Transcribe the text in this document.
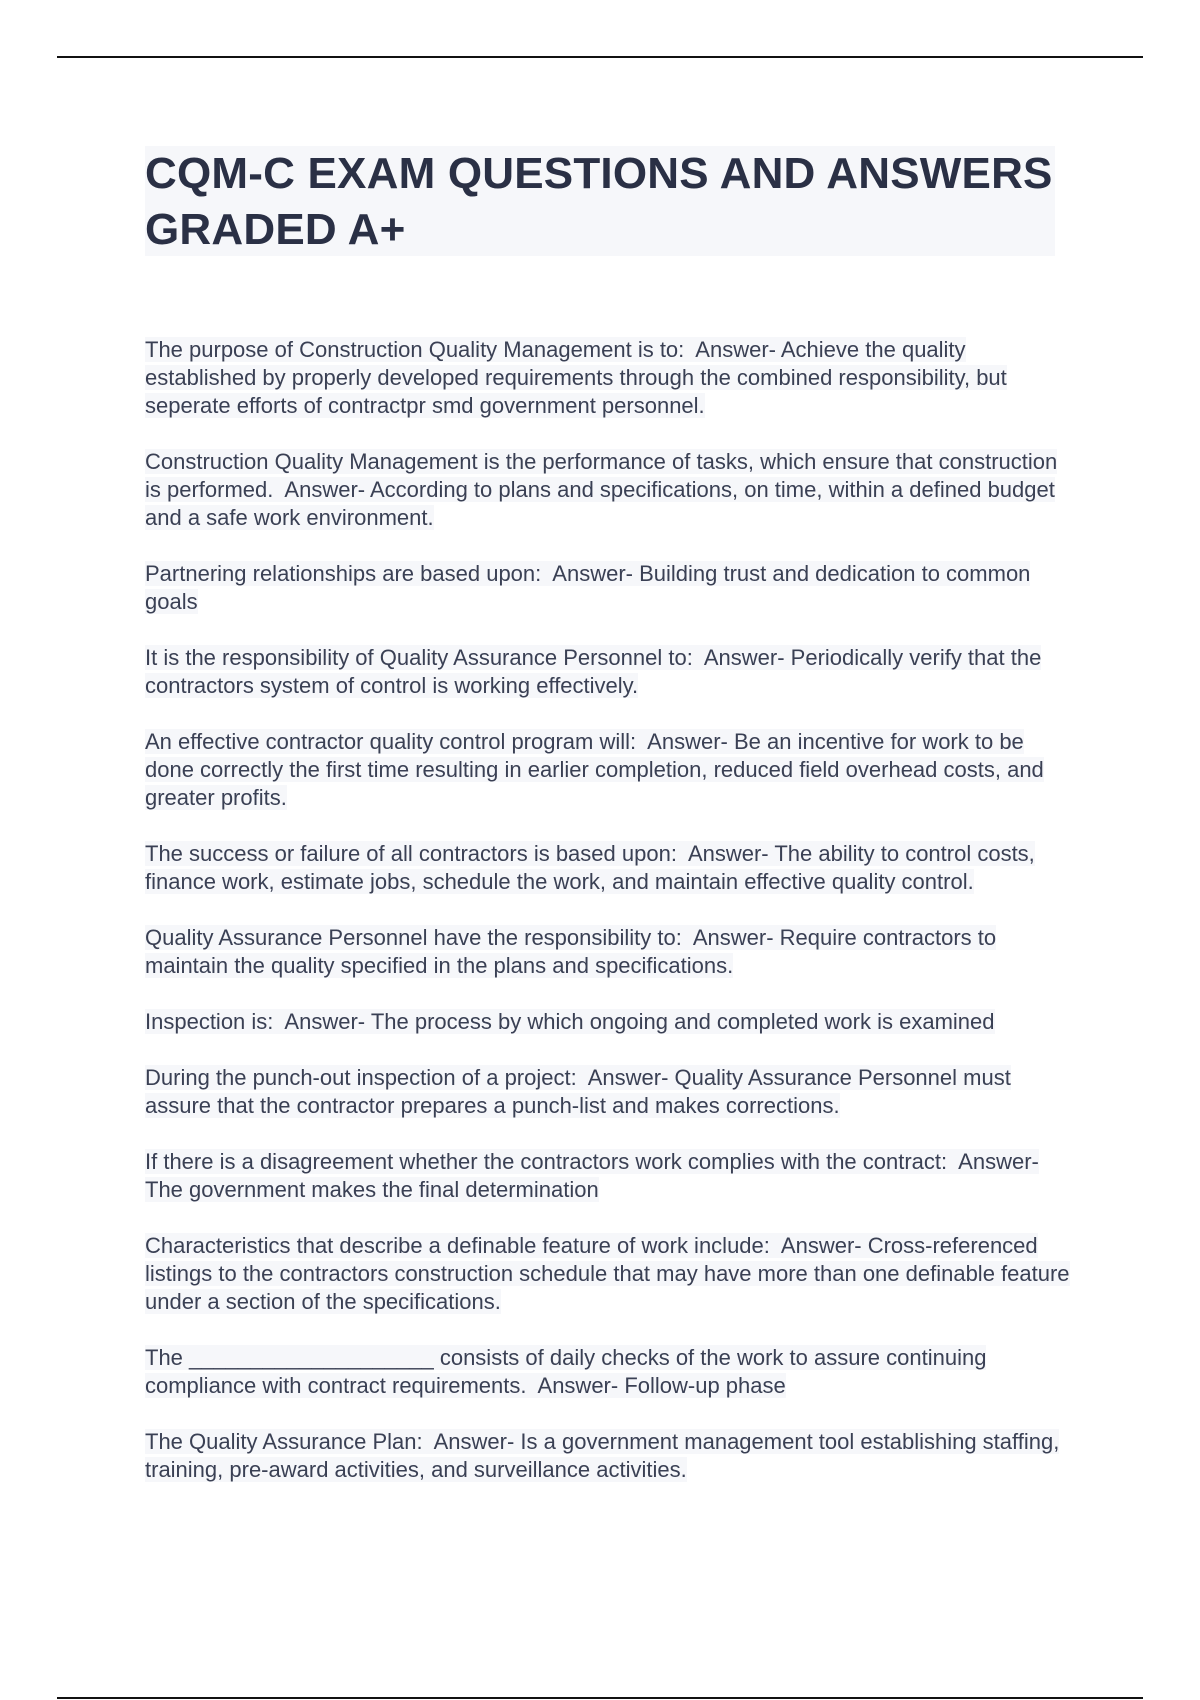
CQM-C EXAM QUESTIONS AND ANSWERS GRADED A+

The purpose of Construction Quality Management is to: Answer- Achieve the quality established by properly developed requirements through the combined responsibility, but seperate efforts of contractpr smd government personnel.

Construction Quality Management is the performance of tasks, which ensure that construction is performed. Answer- According to plans and specifications, on time, within a defined budget and a safe work environment.

Partnering relationships are based upon: Answer- Building trust and dedication to common goals

It is the responsibility of Quality Assurance Personnel to: Answer- Periodically verify that the contractors system of control is working effectively.

An effective contractor quality control program will: Answer- Be an incentive for work to be done correctly the first time resulting in earlier completion, reduced field overhead costs, and greater profits.

The success or failure of all contractors is based upon: Answer- The ability to control costs, finance work, estimate jobs, schedule the work, and maintain effective quality control.

Quality Assurance Personnel have the responsibility to: Answer- Require contractors to maintain the quality specified in the plans and specifications.

Inspection is: Answer- The process by which ongoing and completed work is examined

During the punch-out inspection of a project: Answer- Quality Assurance Personnel must assure that the contractor prepares a punch-list and makes corrections.

If there is a disagreement whether the contractors work complies with the contract: Answer- The government makes the final determination

Characteristics that describe a definable feature of work include: Answer- Cross-referenced listings to the contractors construction schedule that may have more than one definable feature under a section of the specifications.

The ____________________ consists of daily checks of the work to assure continuing compliance with contract requirements. Answer- Follow-up phase

The Quality Assurance Plan: Answer- Is a government management tool establishing staffing, training, pre-award activities, and surveillance activities.
